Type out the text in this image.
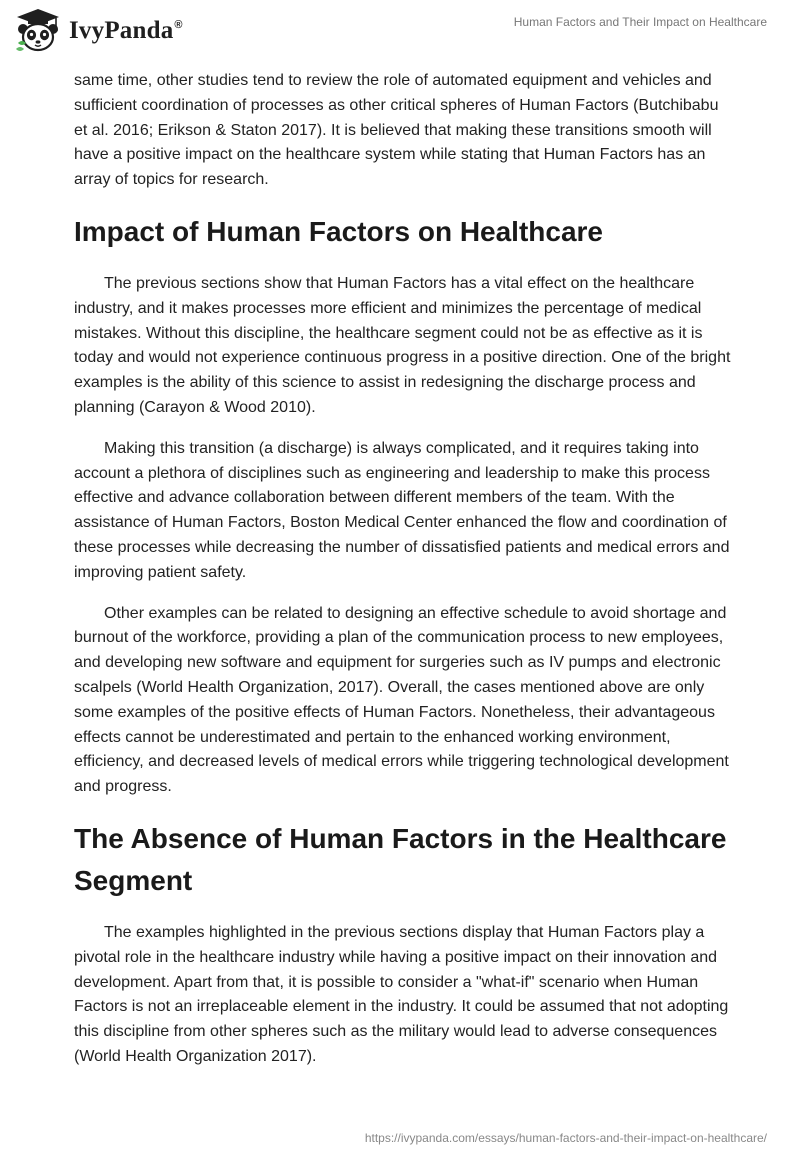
IvyPanda®	Human Factors and Their Impact on Healthcare

same time, other studies tend to review the role of automated equipment and vehicles and sufficient coordination of processes as other critical spheres of Human Factors (Butchibabu et al. 2016; Erikson & Staton 2017). It is believed that making these transitions smooth will have a positive impact on the healthcare system while stating that Human Factors has an array of topics for research.

Impact of Human Factors on Healthcare

The previous sections show that Human Factors has a vital effect on the healthcare industry, and it makes processes more efficient and minimizes the percentage of medical mistakes. Without this discipline, the healthcare segment could not be as effective as it is today and would not experience continuous progress in a positive direction. One of the bright examples is the ability of this science to assist in redesigning the discharge process and planning (Carayon & Wood 2010).

Making this transition (a discharge) is always complicated, and it requires taking into account a plethora of disciplines such as engineering and leadership to make this process effective and advance collaboration between different members of the team. With the assistance of Human Factors, Boston Medical Center enhanced the flow and coordination of these processes while decreasing the number of dissatisfied patients and medical errors and improving patient safety.

Other examples can be related to designing an effective schedule to avoid shortage and burnout of the workforce, providing a plan of the communication process to new employees, and developing new software and equipment for surgeries such as IV pumps and electronic scalpels (World Health Organization, 2017). Overall, the cases mentioned above are only some examples of the positive effects of Human Factors. Nonetheless, their advantageous effects cannot be underestimated and pertain to the enhanced working environment, efficiency, and decreased levels of medical errors while triggering technological development and progress.

The Absence of Human Factors in the Healthcare Segment

The examples highlighted in the previous sections display that Human Factors play a pivotal role in the healthcare industry while having a positive impact on their innovation and development. Apart from that, it is possible to consider a "what-if" scenario when Human Factors is not an irreplaceable element in the industry. It could be assumed that not adopting this discipline from other spheres such as the military would lead to adverse consequences (World Health Organization 2017).

https://ivypanda.com/essays/human-factors-and-their-impact-on-healthcare/
